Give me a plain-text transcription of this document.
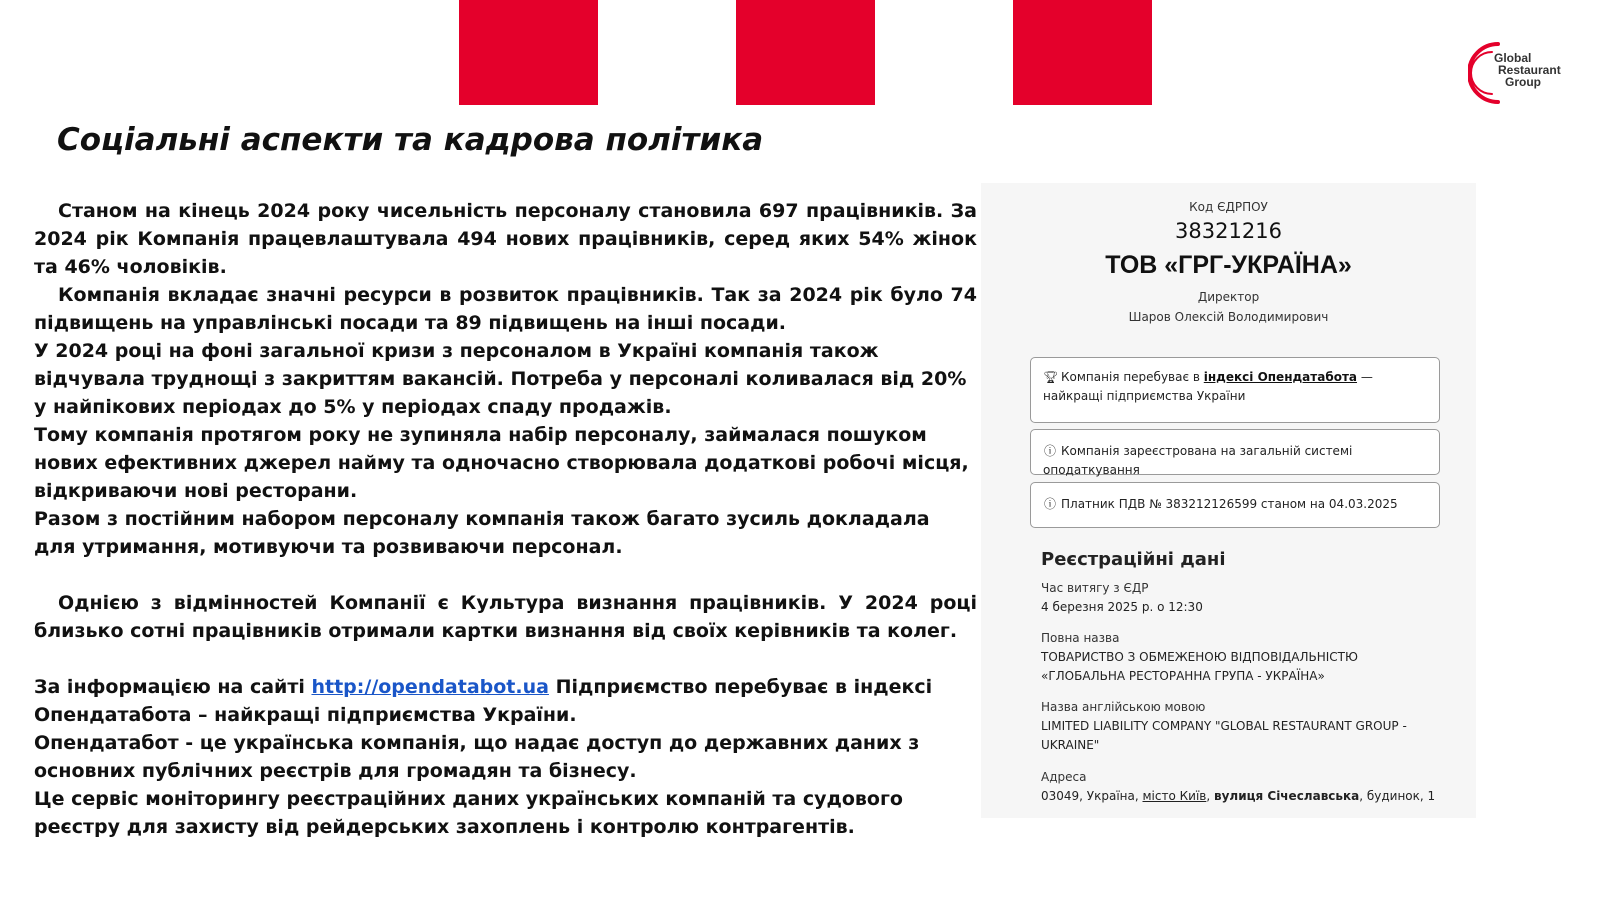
Global
Restaurant
Group
Соціальні аспекти та кадрова політика

Станом на кінець 2024 року чисельність персоналу становила 697 працівників. За 2024 рік Компанія працевлаштувала 494 нових працівників, серед яких 54% жінок та 46% чоловіків.

Компанія вкладає значні ресурси в розвиток працівників. Так за 2024 рік було 74 підвищень на управлінські посади та 89 підвищень на інші посади.

У 2024 році на фоні загальної кризи з персоналом в Україні компанія також відчувала труднощі з закриттям вакансій. Потреба у персоналі коливалася від 20% у найпікових періодах до 5% у періодах спаду продажів.

Тому компанія протягом року не зупиняла набір персоналу, займалася пошуком нових ефективних джерел найму та одночасно створювала додаткові робочі місця, відкриваючи нові ресторани.

Разом з постійним набором персоналу компанія також багато зусиль докладала для утримання, мотивуючи та розвиваючи персонал.

Однією з відмінностей Компанії є Культура визнання працівників. У 2024 році близько сотні працівників отримали картки визнання від своїх керівників та колег.

За інформацією на сайті http://opendatabot.ua Підприємство перебуває в індексі Опендатабота – найкращі підприємства України.

Опендатабот - це українська компанія, що надає доступ до державних даних з основних публічних реєстрів для громадян та бізнесу.

Це сервіс моніторингу реєстраційних даних українських компаній та судового реєстру для захисту від рейдерських захоплень і контролю контрагентів.

Код ЄДРПОУ
38321216
ТОВ «ГРГ-УКРАЇНА»
Директор
Шаров Олексій Володимирович
🏆︎ Компанія перебуває в індексі Опендатабота — найкращі підприємства України
ⓘ Компанія зареєстрована на загальній системі оподаткування
ⓘ Платник ПДВ № 383212126599 станом на 04.03.2025
Реєстраційні дані
Час витягу з ЄДР
4 березня 2025 р. о 12:30
Повна назва
ТОВАРИСТВО З ОБМЕЖЕНОЮ ВІДПОВІДАЛЬНІСТЮ
«ГЛОБАЛЬНА РЕСТОРАННА ГРУПА - УКРАЇНА»
Назва англійською мовою
LIMITED LIABILITY COMPANY "GLOBAL RESTAURANT GROUP -
UKRAINE"
Адреса
03049, Україна, місто Київ, вулиця Січеславська, будинок, 1
